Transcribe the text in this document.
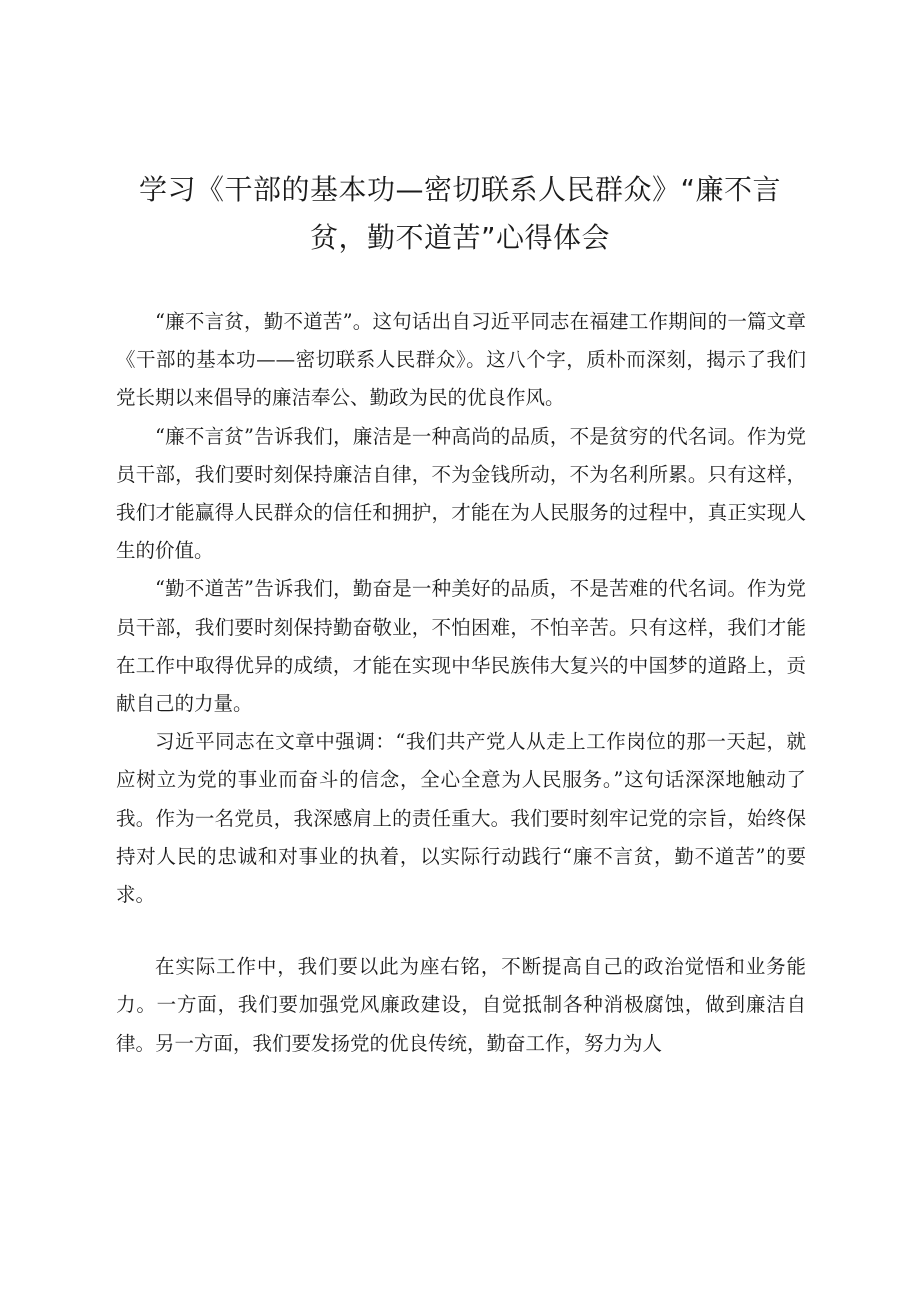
学习《干部的基本功—密切联系人民群众》“廉不言
贫，勤不道苦”心得体会

“廉不言贫，勤不道苦”。这句话出自习近平同志在福建工作期间的一篇文章《干部的基本功——密切联系人民群众》。这八个字，质朴而深刻，揭示了我们党长期以来倡导的廉洁奉公、勤政为民的优良作风。

“廉不言贫”告诉我们，廉洁是一种高尚的品质，不是贫穷的代名词。作为党员干部，我们要时刻保持廉洁自律，不为金钱所动，不为名利所累。只有这样，我们才能赢得人民群众的信任和拥护，才能在为人民服务的过程中，真正实现人生的价值。

“勤不道苦”告诉我们，勤奋是一种美好的品质，不是苦难的代名词。作为党员干部，我们要时刻保持勤奋敬业，不怕困难，不怕辛苦。只有这样，我们才能在工作中取得优异的成绩，才能在实现中华民族伟大复兴的中国梦的道路上，贡献自己的力量。

习近平同志在文章中强调：“我们共产党人从走上工作岗位的那一天起，就应树立为党的事业而奋斗的信念，全心全意为人民服务。”这句话深深地触动了我。作为一名党员，我深感肩上的责任重大。我们要时刻牢记党的宗旨，始终保持对人民的忠诚和对事业的执着，以实际行动践行“廉不言贫，勤不道苦”的要求。

在实际工作中，我们要以此为座右铭，不断提高自己的政治觉悟和业务能力。一方面，我们要加强党风廉政建设，自觉抵制各种消极腐蚀，做到廉洁自律。另一方面，我们要发扬党的优良传统，勤奋工作，努力为人
